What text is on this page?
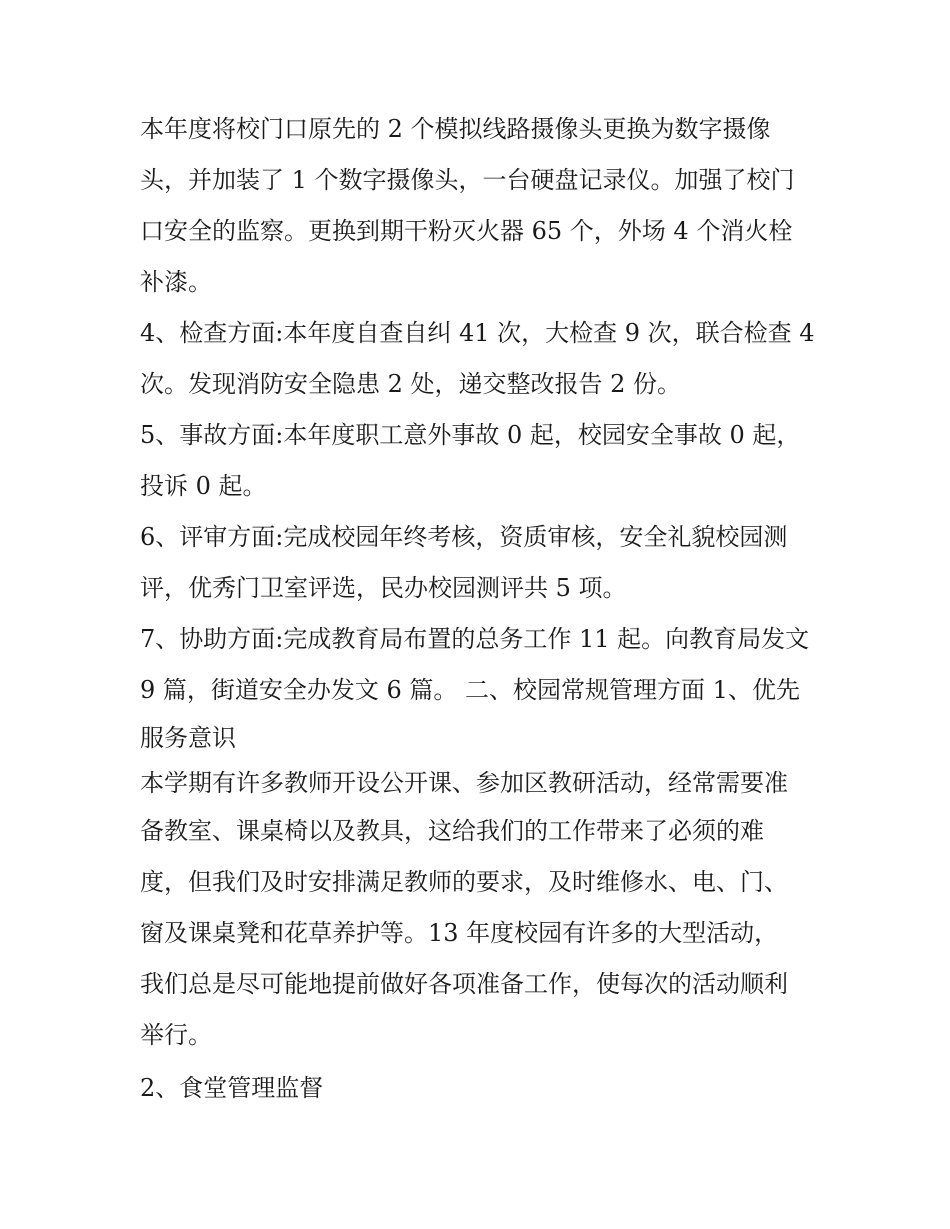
本年度将校门口原先的 2 个模拟线路摄像头更换为数字摄像
头，并加装了 1 个数字摄像头，一台硬盘记录仪。加强了校门
口安全的监察。更换到期干粉灭火器 65 个，外场 4 个消火栓
补漆。
4、检查方面:本年度自查自纠 41 次，大检查 9 次，联合检查 4
次。发现消防安全隐患 2 处，递交整改报告 2 份。
5、事故方面:本年度职工意外事故 0 起，校园安全事故 0 起，
投诉 0 起。
6、评审方面:完成校园年终考核，资质审核，安全礼貌校园测
评，优秀门卫室评选，民办校园测评共 5 项。
7、协助方面:完成教育局布置的总务工作 11 起。向教育局发文
9 篇，街道安全办发文 6 篇。 二、校园常规管理方面 1、优先
服务意识
本学期有许多教师开设公开课、参加区教研活动，经常需要准
备教室、课桌椅以及教具，这给我们的工作带来了必须的难
度，但我们及时安排满足教师的要求，及时维修水、电、门、
窗及课桌凳和花草养护等。13 年度校园有许多的大型活动，
我们总是尽可能地提前做好各项准备工作，使每次的活动顺利
举行。
2、食堂管理监督
